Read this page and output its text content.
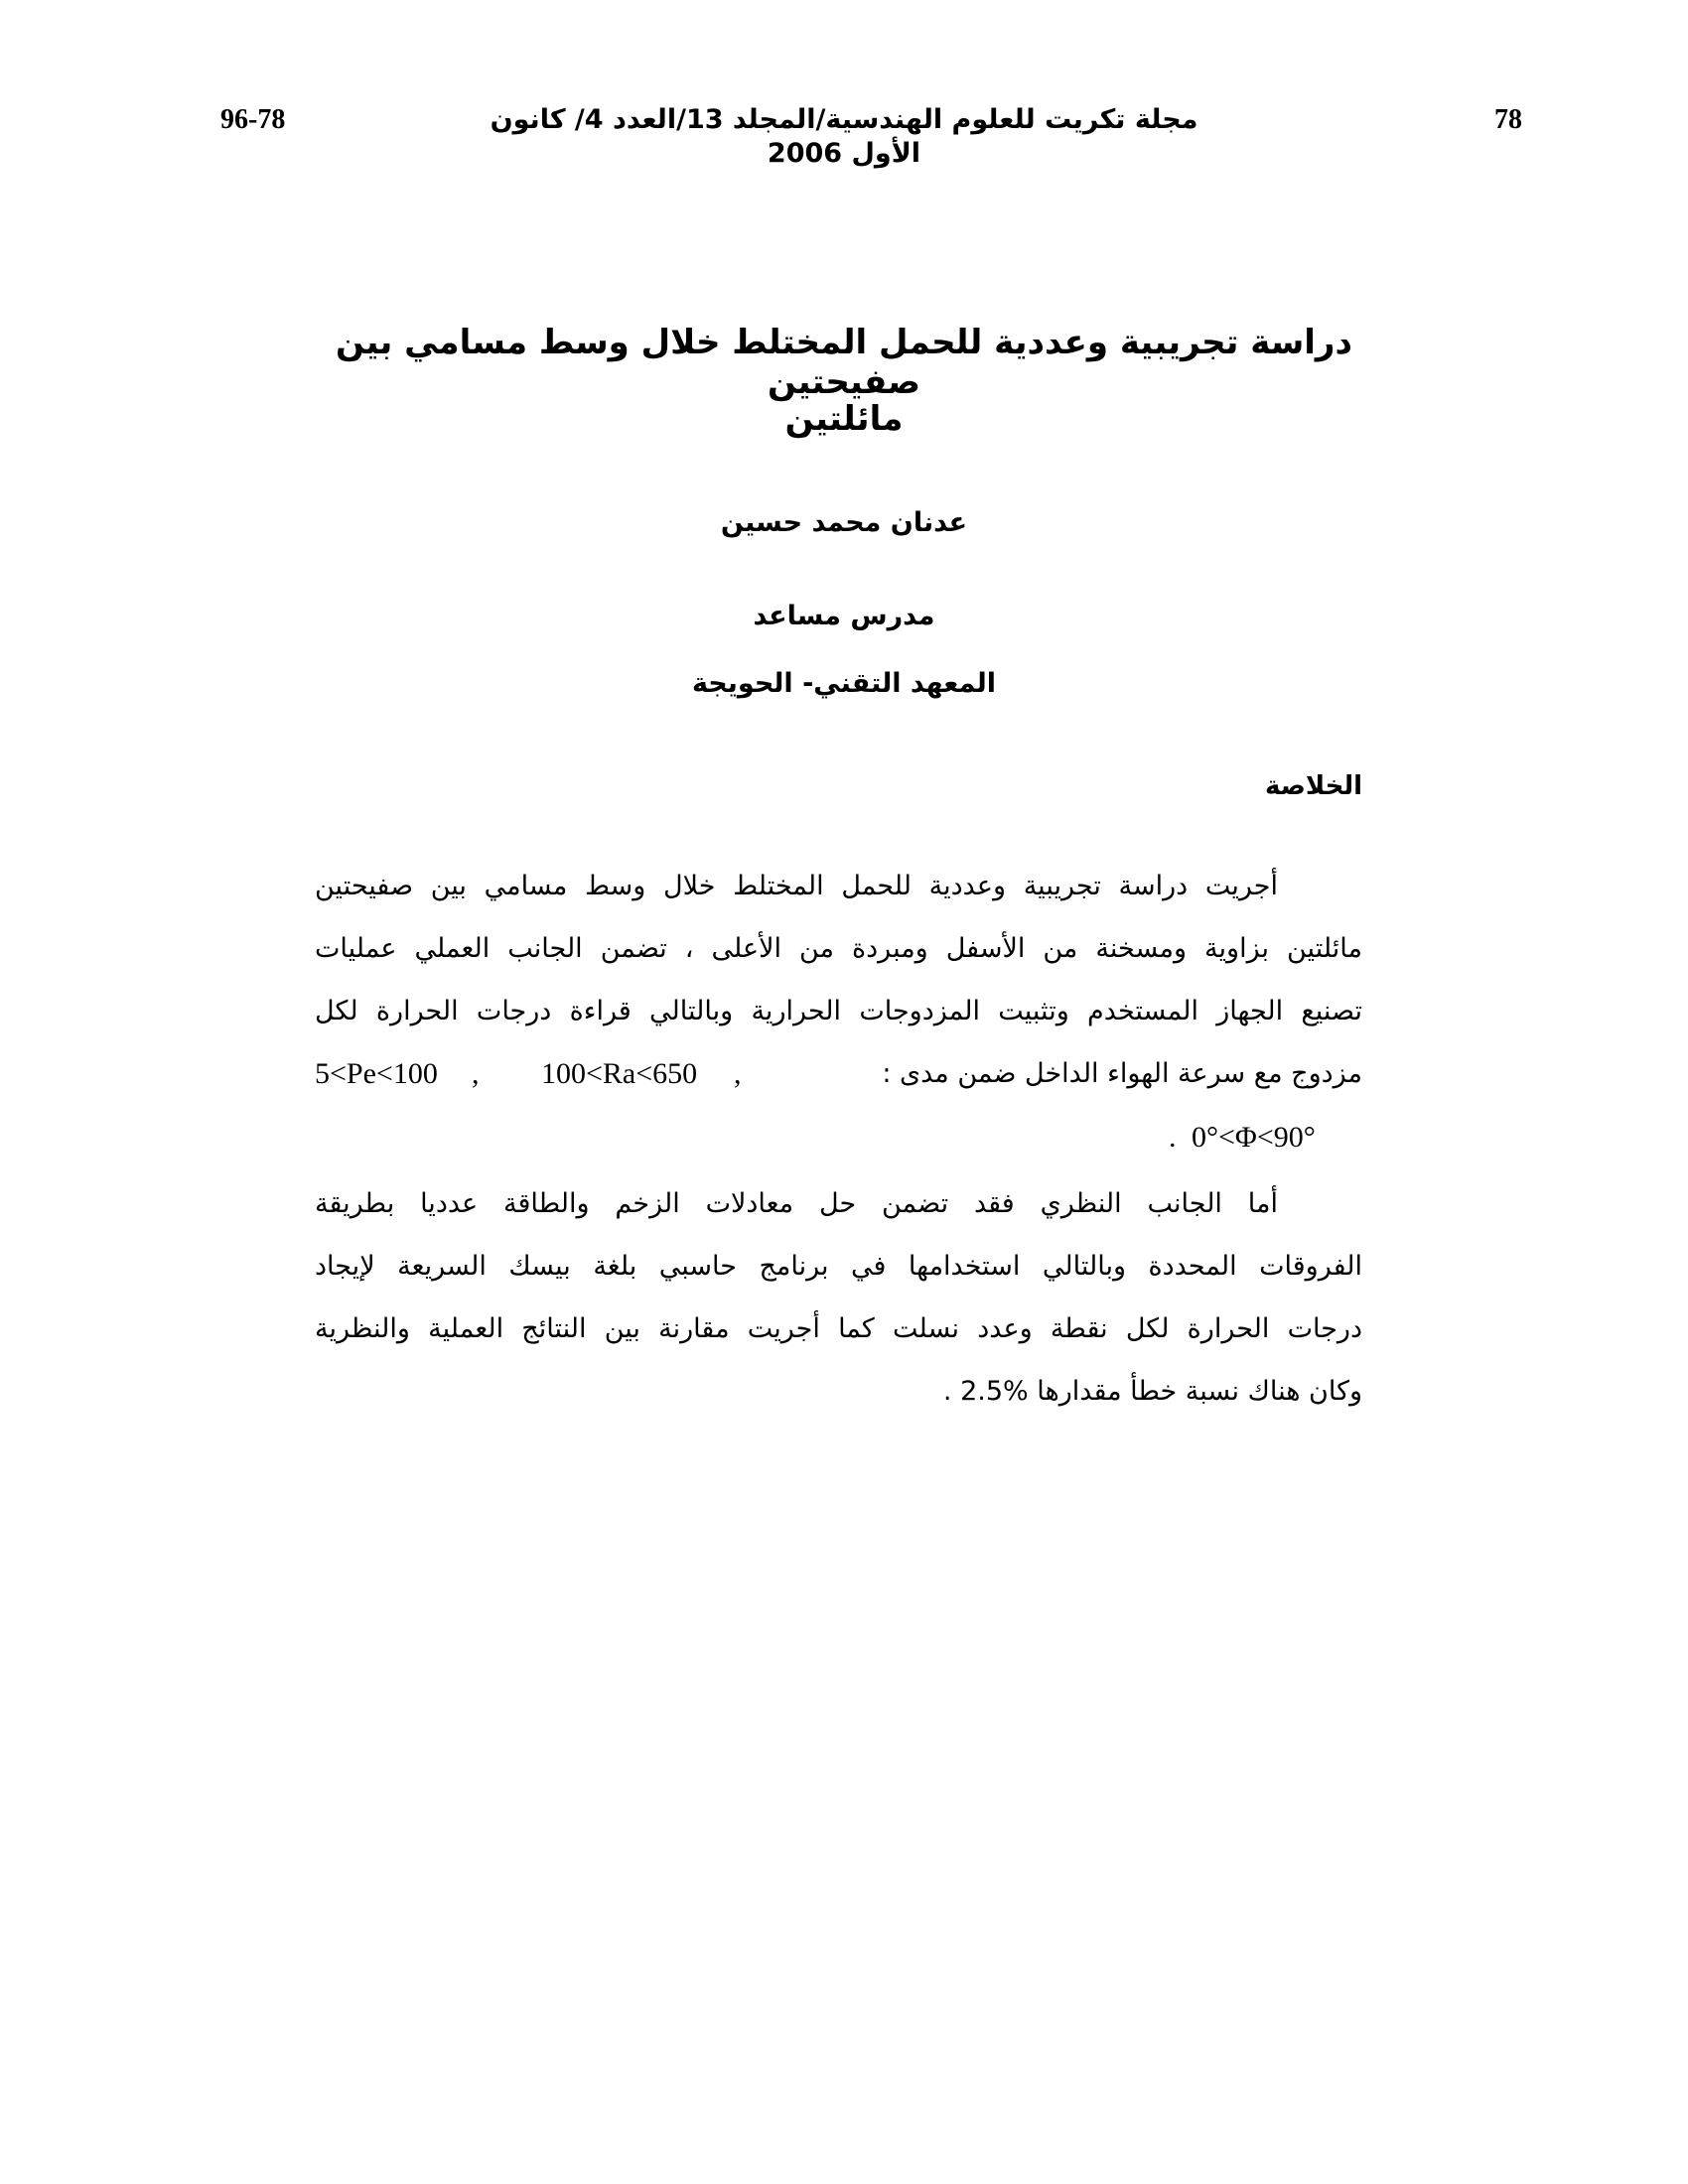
78
مجلة تكريت للعلوم الهندسية/المجلد 13/العدد 4/ كانون الأول 2006
96-78
دراسة تجريبية وعددية للحمل المختلط خلال وسط مسامي بين صفيحتين
مائلتين
عدنان محمد حسين
مدرس مساعد
المعهد التقني- الحويجة
الخلاصة
أجريت دراسة تجريبية وعددية للحمل المختلط خلال وسط مسامي بين صفيحتين
مائلتين بزاوية ومسخنة من الأسفل ومبردة من الأعلى ، تضمن الجانب العملي عمليات
تصنيع الجهاز المستخدم وتثبيت المزدوجات الحرارية وبالتالي قراءة درجات الحرارة لكل
مزدوج مع سرعة الهواء الداخل ضمن مدى :
,
100<Ra<650
,
5<Pe<100
. 0°<Φ<90°
أما الجانب النظري فقد تضمن حل معادلات الزخم والطاقة عدديا بطريقة
الفروقات المحددة وبالتالي استخدامها في برنامج حاسبي بلغة بيسك السريعة لإيجاد
درجات الحرارة لكل نقطة وعدد نسلت كما أجريت مقارنة بين النتائج العملية والنظرية
وكان هناك نسبة خطأ مقدارها %2.5 .
